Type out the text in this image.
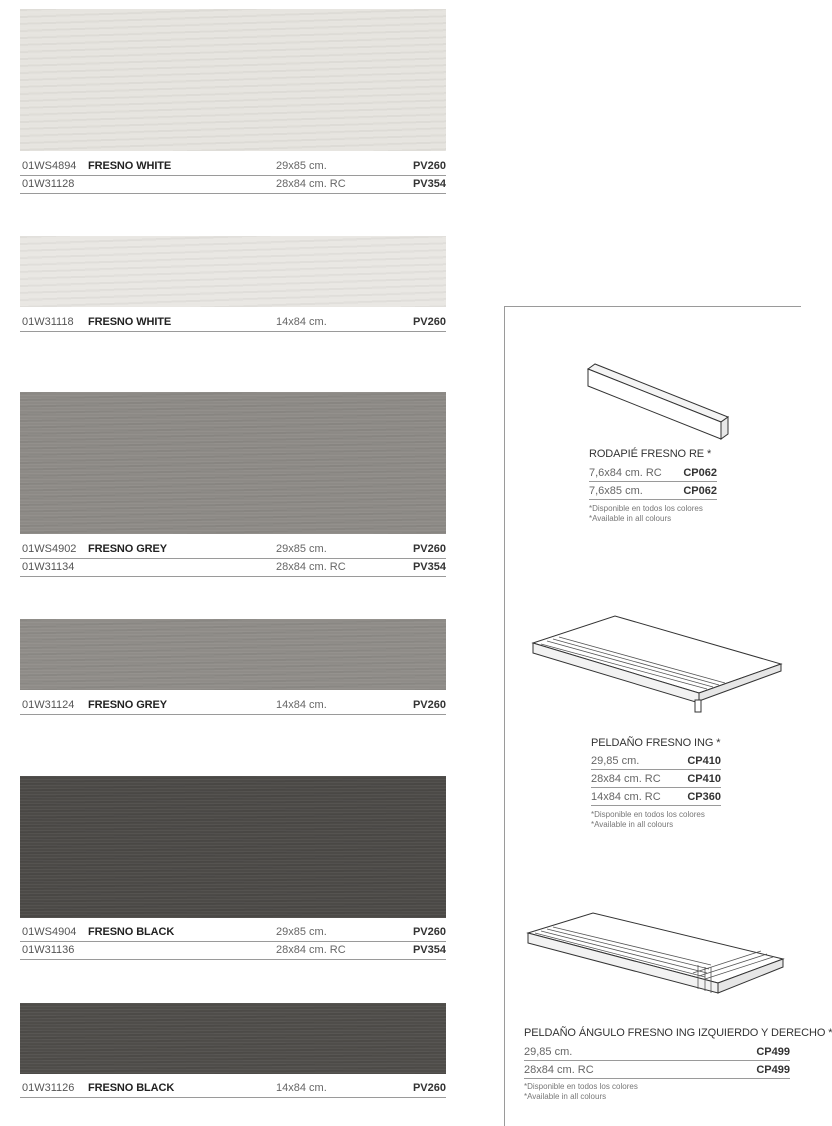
01WS4894 FRESNO WHITE	29x85 cm.	PV260
01W31128	28x84 cm. RC	PV354
01W31118 FRESNO WHITE	14x84 cm.	PV260
01WS4902 FRESNO GREY	29x85 cm.	PV260
01W31134	28x84 cm. RC	PV354
01W31124 FRESNO GREY	14x84 cm.	PV260
01WS4904 FRESNO BLACK	29x85 cm.	PV260
01W31136	28x84 cm. RC	PV354
01W31126 FRESNO BLACK	14x84 cm.	PV260
RODAPIÉ FRESNO RE *
7,6x84 cm. RC CP062
7,6x85 cm.	CP062
*Disponible en todos los colores
*Available in all colours
PELDAÑO FRESNO ING *
29,85 cm.	CP410
28x84 cm. RC CP410
14x84 cm. RC CP360
*Disponible en todos los colores
*Available in all colours
PELDAÑO ÁNGULO FRESNO ING IZQUIERDO Y DERECHO *
29,85 cm.	CP499
28x84 cm. RC	CP499
*Disponible en todos los colores
*Available in all colours
